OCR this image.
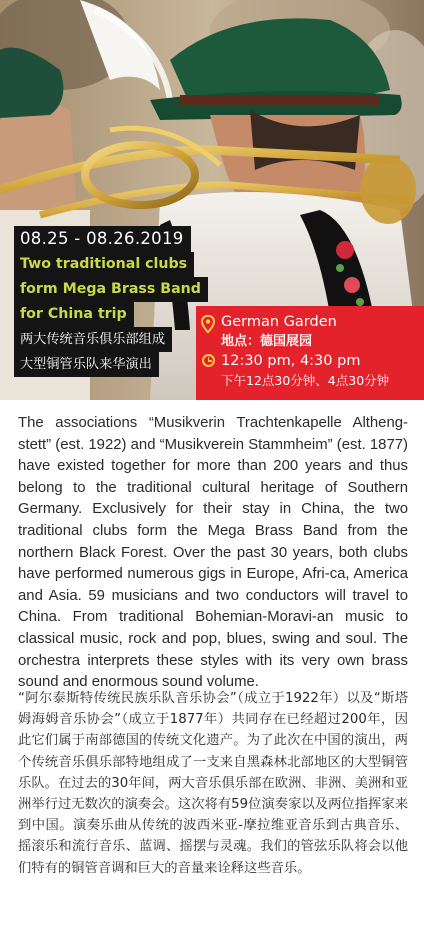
08.25 - 08.26.2019
Two traditional clubs
form Mega Brass Band
for China trip
两大传统音乐俱乐部组成
大型铜管乐队来华演出
German Garden
地点：德国展园
12:30 pm, 4:30 pm
下午12点30分钟、4点30分钟

The associations “Musikverin Trachtenkapelle Altheng-stett” (est. 1922) and “Musikverein Stammheim” (est. 1877) have existed together for more than 200 years and thus belong to the traditional cultural heritage of Southern Germany. Exclusively for their stay in China, the two traditional clubs form the Mega Brass Band from the northern Black Forest. Over the past 30 years, both clubs have performed numerous gigs in Europe, Afri-ca, America and Asia. 59 musicians and two conductors will travel to China. From traditional Bohemian-Moravi-an music to classical music, rock and pop, blues, swing and soul. The orchestra interprets these styles with its very own brass sound and enormous sound volume.

“阿尔泰斯特传统民族乐队音乐协会”（成立于1922年）以及“斯塔姆海姆音乐协会”（成立于1877年）共同存在已经超过200年，因此它们属于南部德国的传统文化遗产。为了此次在中国的演出，两个传统音乐俱乐部特地组成了一支来自黑森林北部地区的大型铜管乐队。在过去的30年间，两大音乐俱乐部在欧洲、非洲、美洲和亚洲举行过无数次的演奏会。这次将有59位演奏家以及两位指挥家来到中国。演奏乐曲从传统的波西米亚-摩拉维亚音乐到古典音乐、摇滚乐和流行音乐、蓝调、摇摆与灵魂。我们的管弦乐队将会以他们特有的铜管音调和巨大的音量来诠释这些音乐。
